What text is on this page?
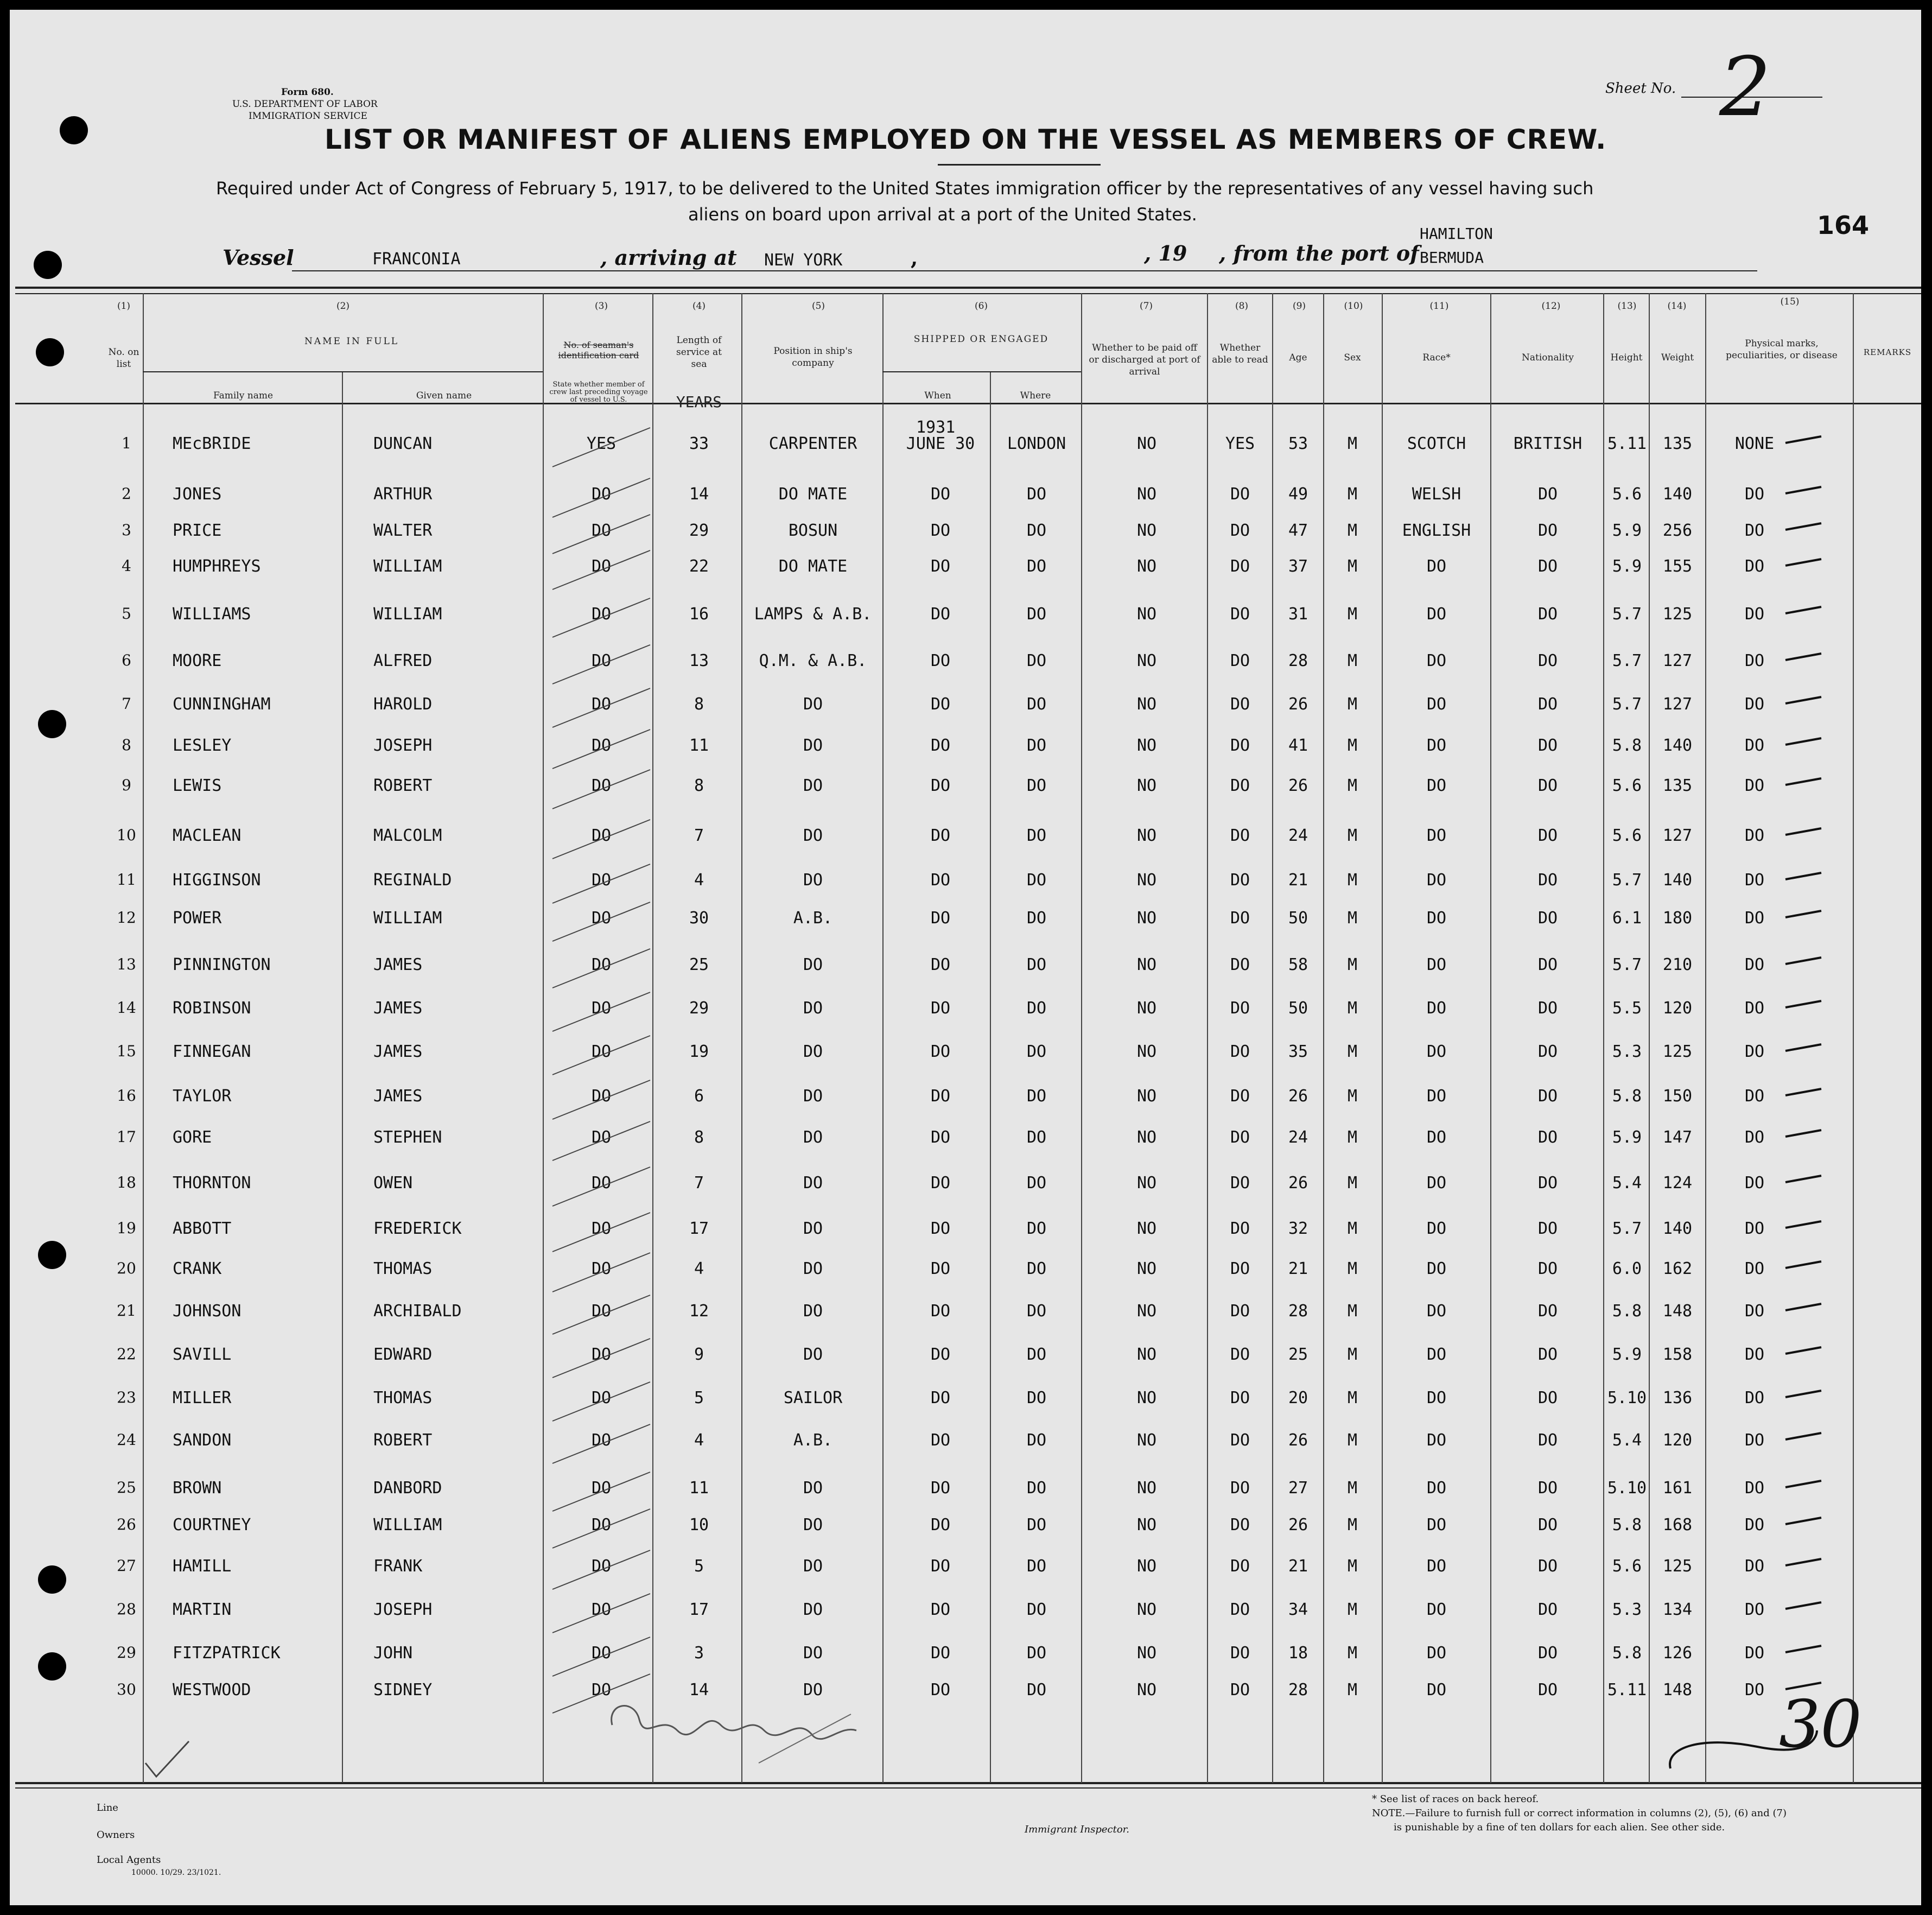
Form 680.
U.S. DEPARTMENT OF LABOR
IMMIGRATION SERVICE
Sheet No. 2
LIST OR MANIFEST OF ALIENS EMPLOYED ON THE VESSEL AS MEMBERS OF CREW.
Required under Act of Congress of February 5, 1917, to be delivered to the United States immigration officer by the representatives of any vessel having such
aliens on board upon arrival at a port of the United States.	164
Vessel	FRANCONIA	, arriving at NEW YORK	,	, 19 , from the port of
HAMILTON
BERMUDA
(1)	(2)	(3)	(4)	(5)	(6)	(7)	(8)	(9)	(10)	(11)	(12)	(13)	(14)	(15)
No. on list
NAME IN FULL
Family name	Given name
No. of seaman's identification card
State whether member of crew last preceding voyage of vessel to U.S.
Length of service at sea
YEARS
Position in ship's company
SHIPPED OR ENGAGED
When	Where
Whether to be paid off or discharged at port of arrival
Whether able to read	Age	Sex	Race*	Nationality	Height	Weight
Physical marks, peculiarities, or disease	REMARKS
1931
1	MEcBRIDE	DUNCAN	YES	33	CARPENTER	JUNE 30	LONDON	NO	YES	53	M	SCOTCH	BRITISH	5.11 135	NONE
2	JONES	ARTHUR	DO	14	DO MATE	DO	DO	NO	DO	49	M	WELSH	DO	5.6	140	DO
3	PRICE	WALTER	DO	29	BOSUN	DO	DO	NO	DO	47	M	ENGLISH	DO	5.9	256	DO
4	HUMPHREYS	WILLIAM	DO	22	DO MATE	DO	DO	NO	DO	37	M	DO	DO	5.9	155	DO
5	WILLIAMS	WILLIAM	DO	16	LAMPS & A.B.	DO	DO	NO	DO	31	M	DO	DO	5.7	125	DO
6	MOORE	ALFRED	DO	13	Q.M. & A.B.	DO	DO	NO	DO	28	M	DO	DO	5.7	127	DO
7	CUNNINGHAM	HAROLD	DO	8	DO	DO	DO	NO	DO	26	M	DO	DO	5.7	127	DO
8	LESLEY	JOSEPH	DO	11	DO	DO	DO	NO	DO	41	M	DO	DO	5.8	140	DO
9	LEWIS	ROBERT	DO	8	DO	DO	DO	NO	DO	26	M	DO	DO	5.6	135	DO
10	MACLEAN	MALCOLM	DO	7	DO	DO	DO	NO	DO	24	M	DO	DO	5.6	127	DO
11	HIGGINSON	REGINALD	DO	4	DO	DO	DO	NO	DO	21	M	DO	DO	5.7	140	DO
12	POWER	WILLIAM	DO	30	A.B.	DO	DO	NO	DO	50	M	DO	DO	6.1	180	DO
13	PINNINGTON	JAMES	DO	25	DO	DO	DO	NO	DO	58	M	DO	DO	5.7	210	DO
14	ROBINSON	JAMES	DO	29	DO	DO	DO	NO	DO	50	M	DO	DO	5.5	120	DO
15	FINNEGAN	JAMES	DO	19	DO	DO	DO	NO	DO	35	M	DO	DO	5.3	125	DO
16	TAYLOR	JAMES	DO	6	DO	DO	DO	NO	DO	26	M	DO	DO	5.8	150	DO
17	GORE	STEPHEN	DO	8	DO	DO	DO	NO	DO	24	M	DO	DO	5.9	147	DO
18	THORNTON	OWEN	DO	7	DO	DO	DO	NO	DO	26	M	DO	DO	5.4	124	DO
19	ABBOTT	FREDERICK	DO	17	DO	DO	DO	NO	DO	32	M	DO	DO	5.7	140	DO
20	CRANK	THOMAS	DO	4	DO	DO	DO	NO	DO	21	M	DO	DO	6.0	162	DO
21	JOHNSON	ARCHIBALD	DO	12	DO	DO	DO	NO	DO	28	M	DO	DO	5.8	148	DO
22	SAVILL	EDWARD	DO	9	DO	DO	DO	NO	DO	25	M	DO	DO	5.9	158	DO
23	MILLER	THOMAS	DO	5	SAILOR	DO	DO	NO	DO	20	M	DO	DO	5.10 136	DO
24	SANDON	ROBERT	DO	4	A.B.	DO	DO	NO	DO	26	M	DO	DO	5.4	120	DO
25	BROWN	DANBORD	DO	11	DO	DO	DO	NO	DO	27	M	DO	DO	5.10 161	DO
26	COURTNEY	WILLIAM	DO	10	DO	DO	DO	NO	DO	26	M	DO	DO	5.8	168	DO
27	HAMILL	FRANK	DO	5	DO	DO	DO	NO	DO	21	M	DO	DO	5.6	125	DO
28	MARTIN	JOSEPH	DO	17	DO	DO	DO	NO	DO	34	M	DO	DO	5.3	134	DO
29	FITZPATRICK	JOHN	DO	3	DO	DO	DO	NO	DO	18	M	DO	DO	5.8	126	DO
30	WESTWOOD	SIDNEY	DO	14	DO	DO	DO	NO	DO	28	M	DO	DO	5.11 148	DO 30
Line
Owners
Local Agents
10000. 10/29. 23/1021.
Immigrant Inspector.
* See list of races on back hereof.
NOTE.—Failure to furnish full or correct information in columns (2), (5), (6) and (7)
is punishable by a fine of ten dollars for each alien. See other side.
